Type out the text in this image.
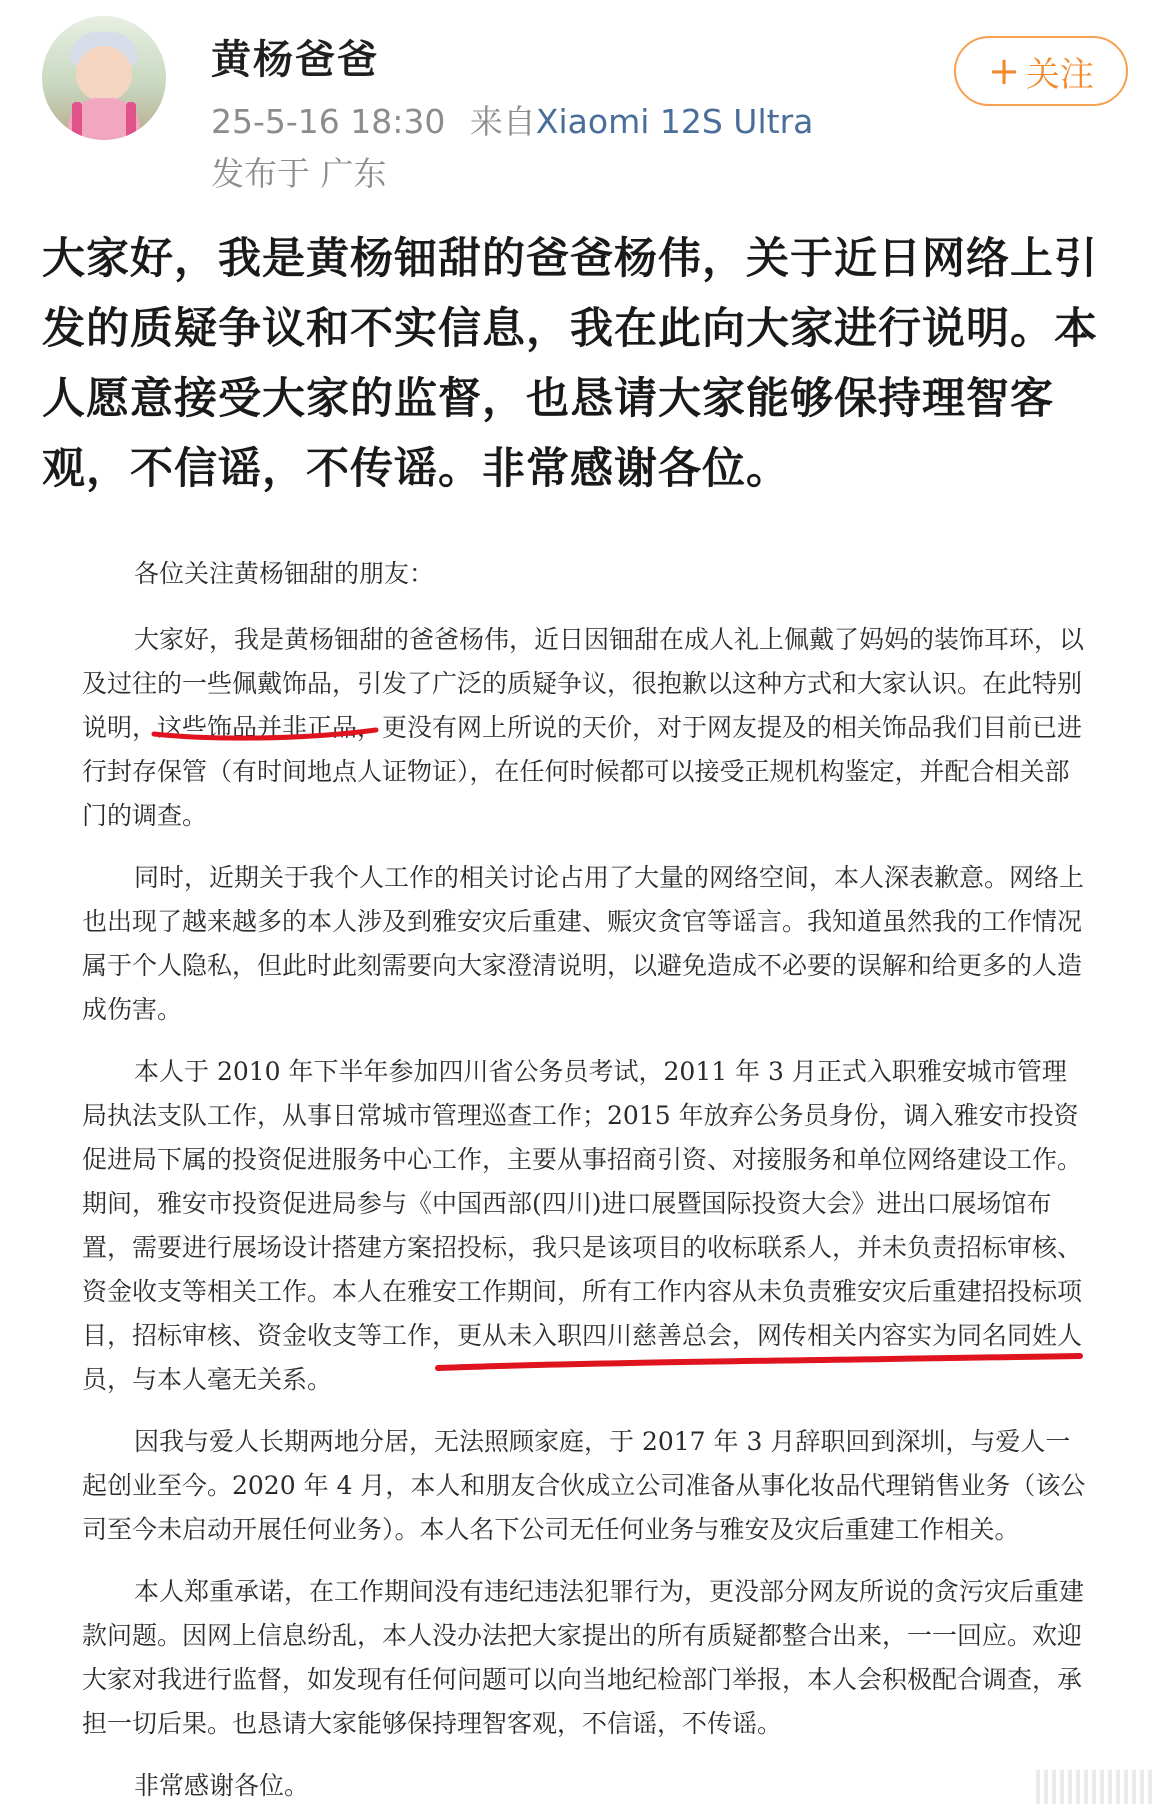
黄杨爸爸
25-5-16 18:30 来自Xiaomi 12S Ultra
发布于 广东
+ 关注

大家好，我是黄杨钿甜的爸爸杨伟，关于近日网络上引发的质疑争议和不实信息，我在此向大家进行说明。本人愿意接受大家的监督，也恳请大家能够保持理智客观，不信谣，不传谣。非常感谢各位。

各位关注黄杨钿甜的朋友：

大家好，我是黄杨钿甜的爸爸杨伟，近日因钿甜在成人礼上佩戴了妈妈的装饰耳环，以及过往的一些佩戴饰品，引发了广泛的质疑争议，很抱歉以这种方式和大家认识。在此特别说明，这些饰品并非正品，更没有网上所说的天价，对于网友提及的相关饰品我们目前已进行封存保管（有时间地点人证物证），在任何时候都可以接受正规机构鉴定，并配合相关部门的调查。

同时，近期关于我个人工作的相关讨论占用了大量的网络空间，本人深表歉意。网络上也出现了越来越多的本人涉及到雅安灾后重建、赈灾贪官等谣言。我知道虽然我的工作情况属于个人隐私，但此时此刻需要向大家澄清说明，以避免造成不必要的误解和给更多的人造成伤害。

本人于 2010 年下半年参加四川省公务员考试，2011 年 3 月正式入职雅安城市管理局执法支队工作，从事日常城市管理巡查工作；2015 年放弃公务员身份，调入雅安市投资促进局下属的投资促进服务中心工作，主要从事招商引资、对接服务和单位网络建设工作。期间，雅安市投资促进局参与《中国西部(四川)进口展暨国际投资大会》进出口展场馆布置，需要进行展场设计搭建方案招投标，我只是该项目的收标联系人，并未负责招标审核、资金收支等相关工作。本人在雅安工作期间，所有工作内容从未负责雅安灾后重建招投标项目，招标审核、资金收支等工作，更从未入职四川慈善总会，网传相关内容实为同名同姓人员，与本人毫无关系。

因我与爱人长期两地分居，无法照顾家庭，于 2017 年 3 月辞职回到深圳，与爱人一起创业至今。2020 年 4 月，本人和朋友合伙成立公司准备从事化妆品代理销售业务（该公司至今未启动开展任何业务）。本人名下公司无任何业务与雅安及灾后重建工作相关。

本人郑重承诺，在工作期间没有违纪违法犯罪行为，更没部分网友所说的贪污灾后重建款问题。因网上信息纷乱，本人没办法把大家提出的所有质疑都整合出来，一一回应。欢迎大家对我进行监督，如发现有任何问题可以向当地纪检部门举报，本人会积极配合调查，承担一切后果。也恳请大家能够保持理智客观，不信谣，不传谣。

非常感谢各位。
